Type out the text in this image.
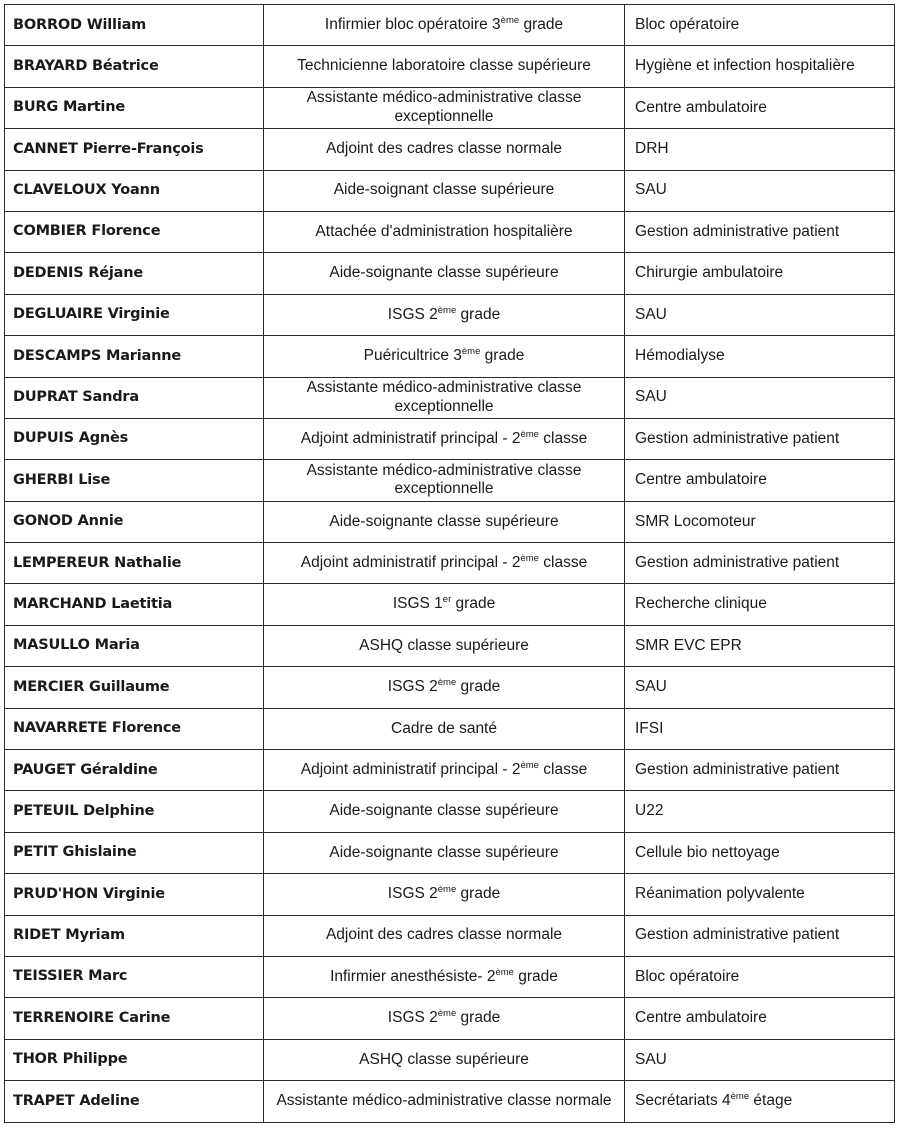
BORROD William	Infirmier bloc opératoire 3ème grade	Bloc opératoire
BRAYARD Béatrice	Technicienne laboratoire classe supérieure	Hygiène et infection hospitalière
BURG Martine	Assistante médico-administrative classe exceptionnelle	Centre ambulatoire
CANNET Pierre-François	Adjoint des cadres classe normale	DRH
CLAVELOUX Yoann	Aide-soignant classe supérieure	SAU
COMBIER Florence	Attachée d'administration hospitalière	Gestion administrative patient
DEDENIS Réjane	Aide-soignante classe supérieure	Chirurgie ambulatoire
DEGLUAIRE Virginie	ISGS 2ème grade	SAU
DESCAMPS Marianne	Puéricultrice 3ème grade	Hémodialyse
DUPRAT Sandra	Assistante médico-administrative classe exceptionnelle	SAU
DUPUIS Agnès	Adjoint administratif principal - 2ème classe	Gestion administrative patient
GHERBI Lise	Assistante médico-administrative classe exceptionnelle	Centre ambulatoire
GONOD Annie	Aide-soignante classe supérieure	SMR Locomoteur
LEMPEREUR Nathalie	Adjoint administratif principal - 2ème classe	Gestion administrative patient
MARCHAND Laetitia	ISGS 1er grade	Recherche clinique
MASULLO Maria	ASHQ classe supérieure	SMR EVC EPR
MERCIER Guillaume	ISGS 2ème grade	SAU
NAVARRETE Florence	Cadre de santé	IFSI
PAUGET Géraldine	Adjoint administratif principal - 2ème classe	Gestion administrative patient
PETEUIL Delphine	Aide-soignante classe supérieure	U22
PETIT Ghislaine	Aide-soignante classe supérieure	Cellule bio nettoyage
PRUD'HON Virginie	ISGS 2ème grade	Réanimation polyvalente
RIDET Myriam	Adjoint des cadres classe normale	Gestion administrative patient
TEISSIER Marc	Infirmier anesthésiste- 2ème grade	Bloc opératoire
TERRENOIRE Carine	ISGS 2ème grade	Centre ambulatoire
THOR Philippe	ASHQ classe supérieure	SAU
TRAPET Adeline	Assistante médico-administrative classe normale	Secrétariats 4ème étage
